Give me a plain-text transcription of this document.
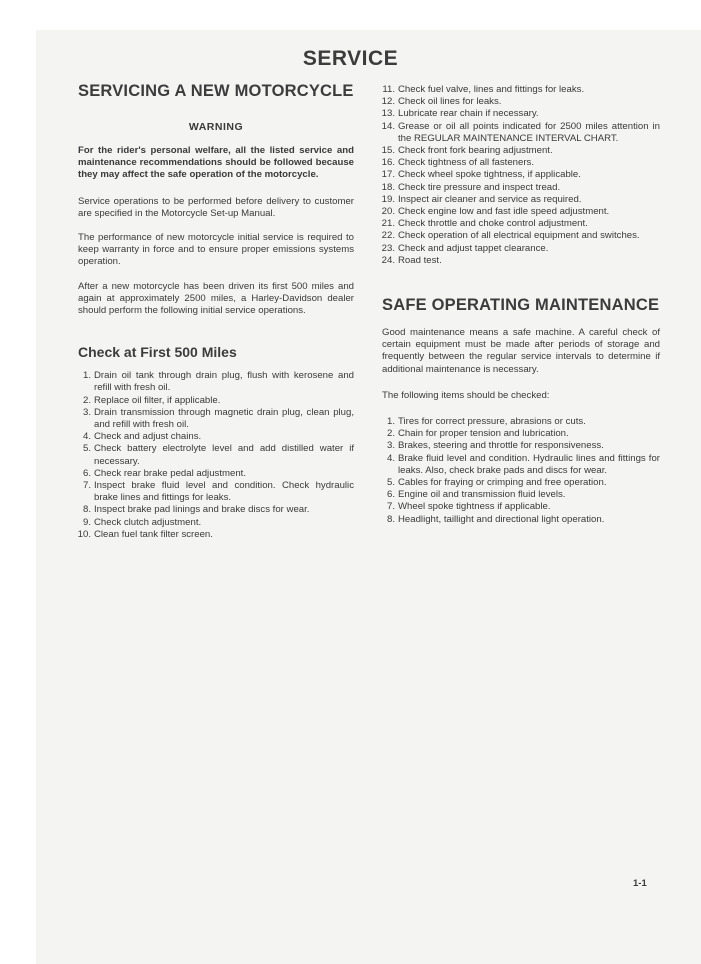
SERVICE
SERVICING A NEW MOTORCYCLE
WARNING

For the rider's personal welfare, all the listed service and maintenance recommendations should be followed because they may affect the safe operation of the motorcycle.

Service operations to be performed before delivery to customer are specified in the Motorcycle Set-up Manual.

The performance of new motorcycle initial service is required to keep warranty in force and to ensure proper emissions systems operation.

After a new motorcycle has been driven its first 500 miles and again at approximately 2500 miles, a Harley-Davidson dealer should perform the following initial service operations.

Check at First 500 Miles
1. Drain oil tank through drain plug, flush with kerosene and refill with fresh oil.
2. Replace oil filter, if applicable.
3. Drain transmission through magnetic drain plug, clean plug, and refill with fresh oil.
4. Check and adjust chains.
5. Check battery electrolyte level and add distilled water if necessary.
6. Check rear brake pedal adjustment.
7. Inspect brake fluid level and condition. Check hydraulic brake lines and fittings for leaks.
8. Inspect brake pad linings and brake discs for wear.
9. Check clutch adjustment.
10. Clean fuel tank filter screen.
11. Check fuel valve, lines and fittings for leaks.
12. Check oil lines for leaks.
13. Lubricate rear chain if necessary.
14. Grease or oil all points indicated for 2500 miles attention in the REGULAR MAINTENANCE INTERVAL CHART.
15. Check front fork bearing adjustment.
16. Check tightness of all fasteners.
17. Check wheel spoke tightness, if applicable.
18. Check tire pressure and inspect tread.
19. Inspect air cleaner and service as required.
20. Check engine low and fast idle speed adjustment.
21. Check throttle and choke control adjustment.
22. Check operation of all electrical equipment and switches.
23. Check and adjust tappet clearance.
24. Road test.
SAFE OPERATING MAINTENANCE

Good maintenance means a safe machine. A careful check of certain equipment must be made after periods of storage and frequently between the regular service intervals to determine if additional maintenance is necessary.

The following items should be checked:

1. Tires for correct pressure, abrasions or cuts.
2. Chain for proper tension and lubrication.
3. Brakes, steering and throttle for responsiveness.
4. Brake fluid level and condition. Hydraulic lines and fittings for leaks. Also, check brake pads and discs for wear.
5. Cables for fraying or crimping and free operation.
6. Engine oil and transmission fluid levels.
7. Wheel spoke tightness if applicable.
8. Headlight, taillight and directional light operation.
1-1
